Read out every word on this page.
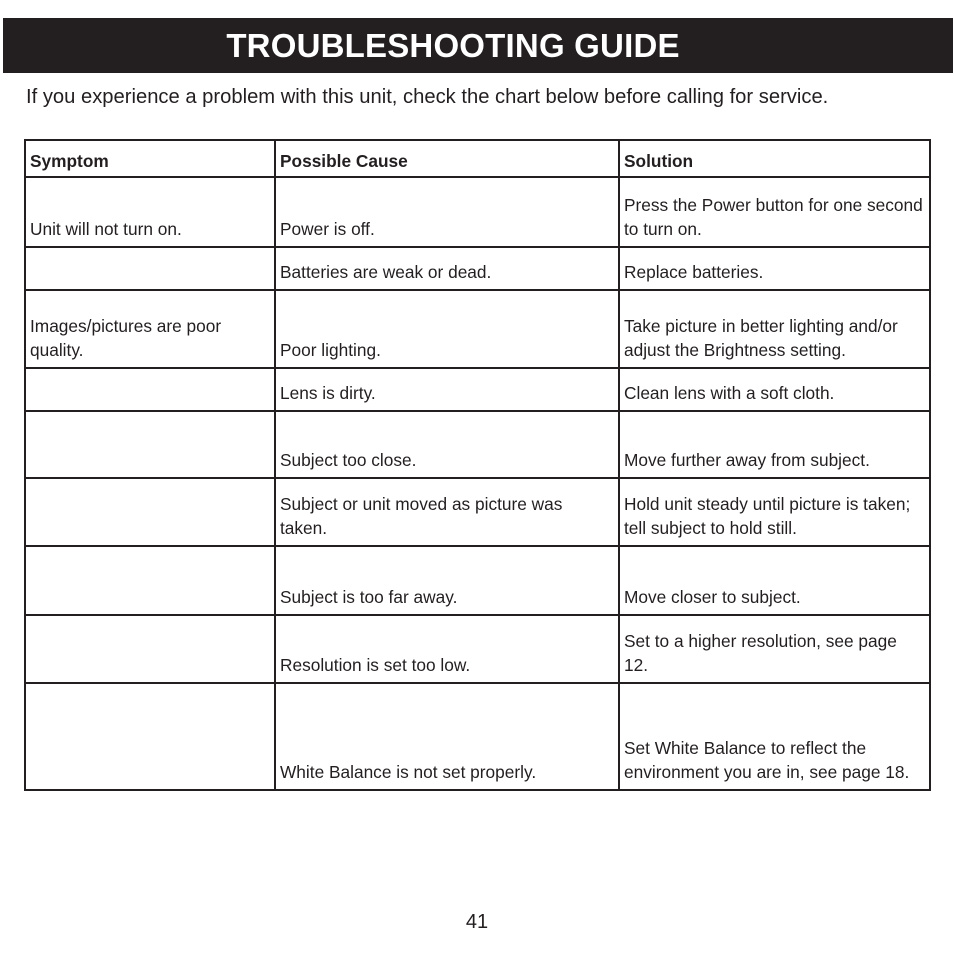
TROUBLESHOOTING GUIDE
If you experience a problem with this unit, check the chart below before calling for service.
Symptom	Possible Cause	Solution
Unit will not turn on.	Power is off.	Press the Power button for one second to turn on.
	Batteries are weak or dead.	Replace batteries.
Images/pictures are poor quality.	Poor lighting.	Take picture in better lighting and/or adjust the Brightness setting.
	Lens is dirty.	Clean lens with a soft cloth.
	Subject too close.	Move further away from subject.
	Subject or unit moved as picture was taken.	Hold unit steady until picture is taken; tell subject to hold still.
	Subject is too far away.	Move closer to subject.
	Resolution is set too low.	Set to a higher resolution, see page 12.
	White Balance is not set properly.	Set White Balance to reflect the environment you are in, see page 18.
41
